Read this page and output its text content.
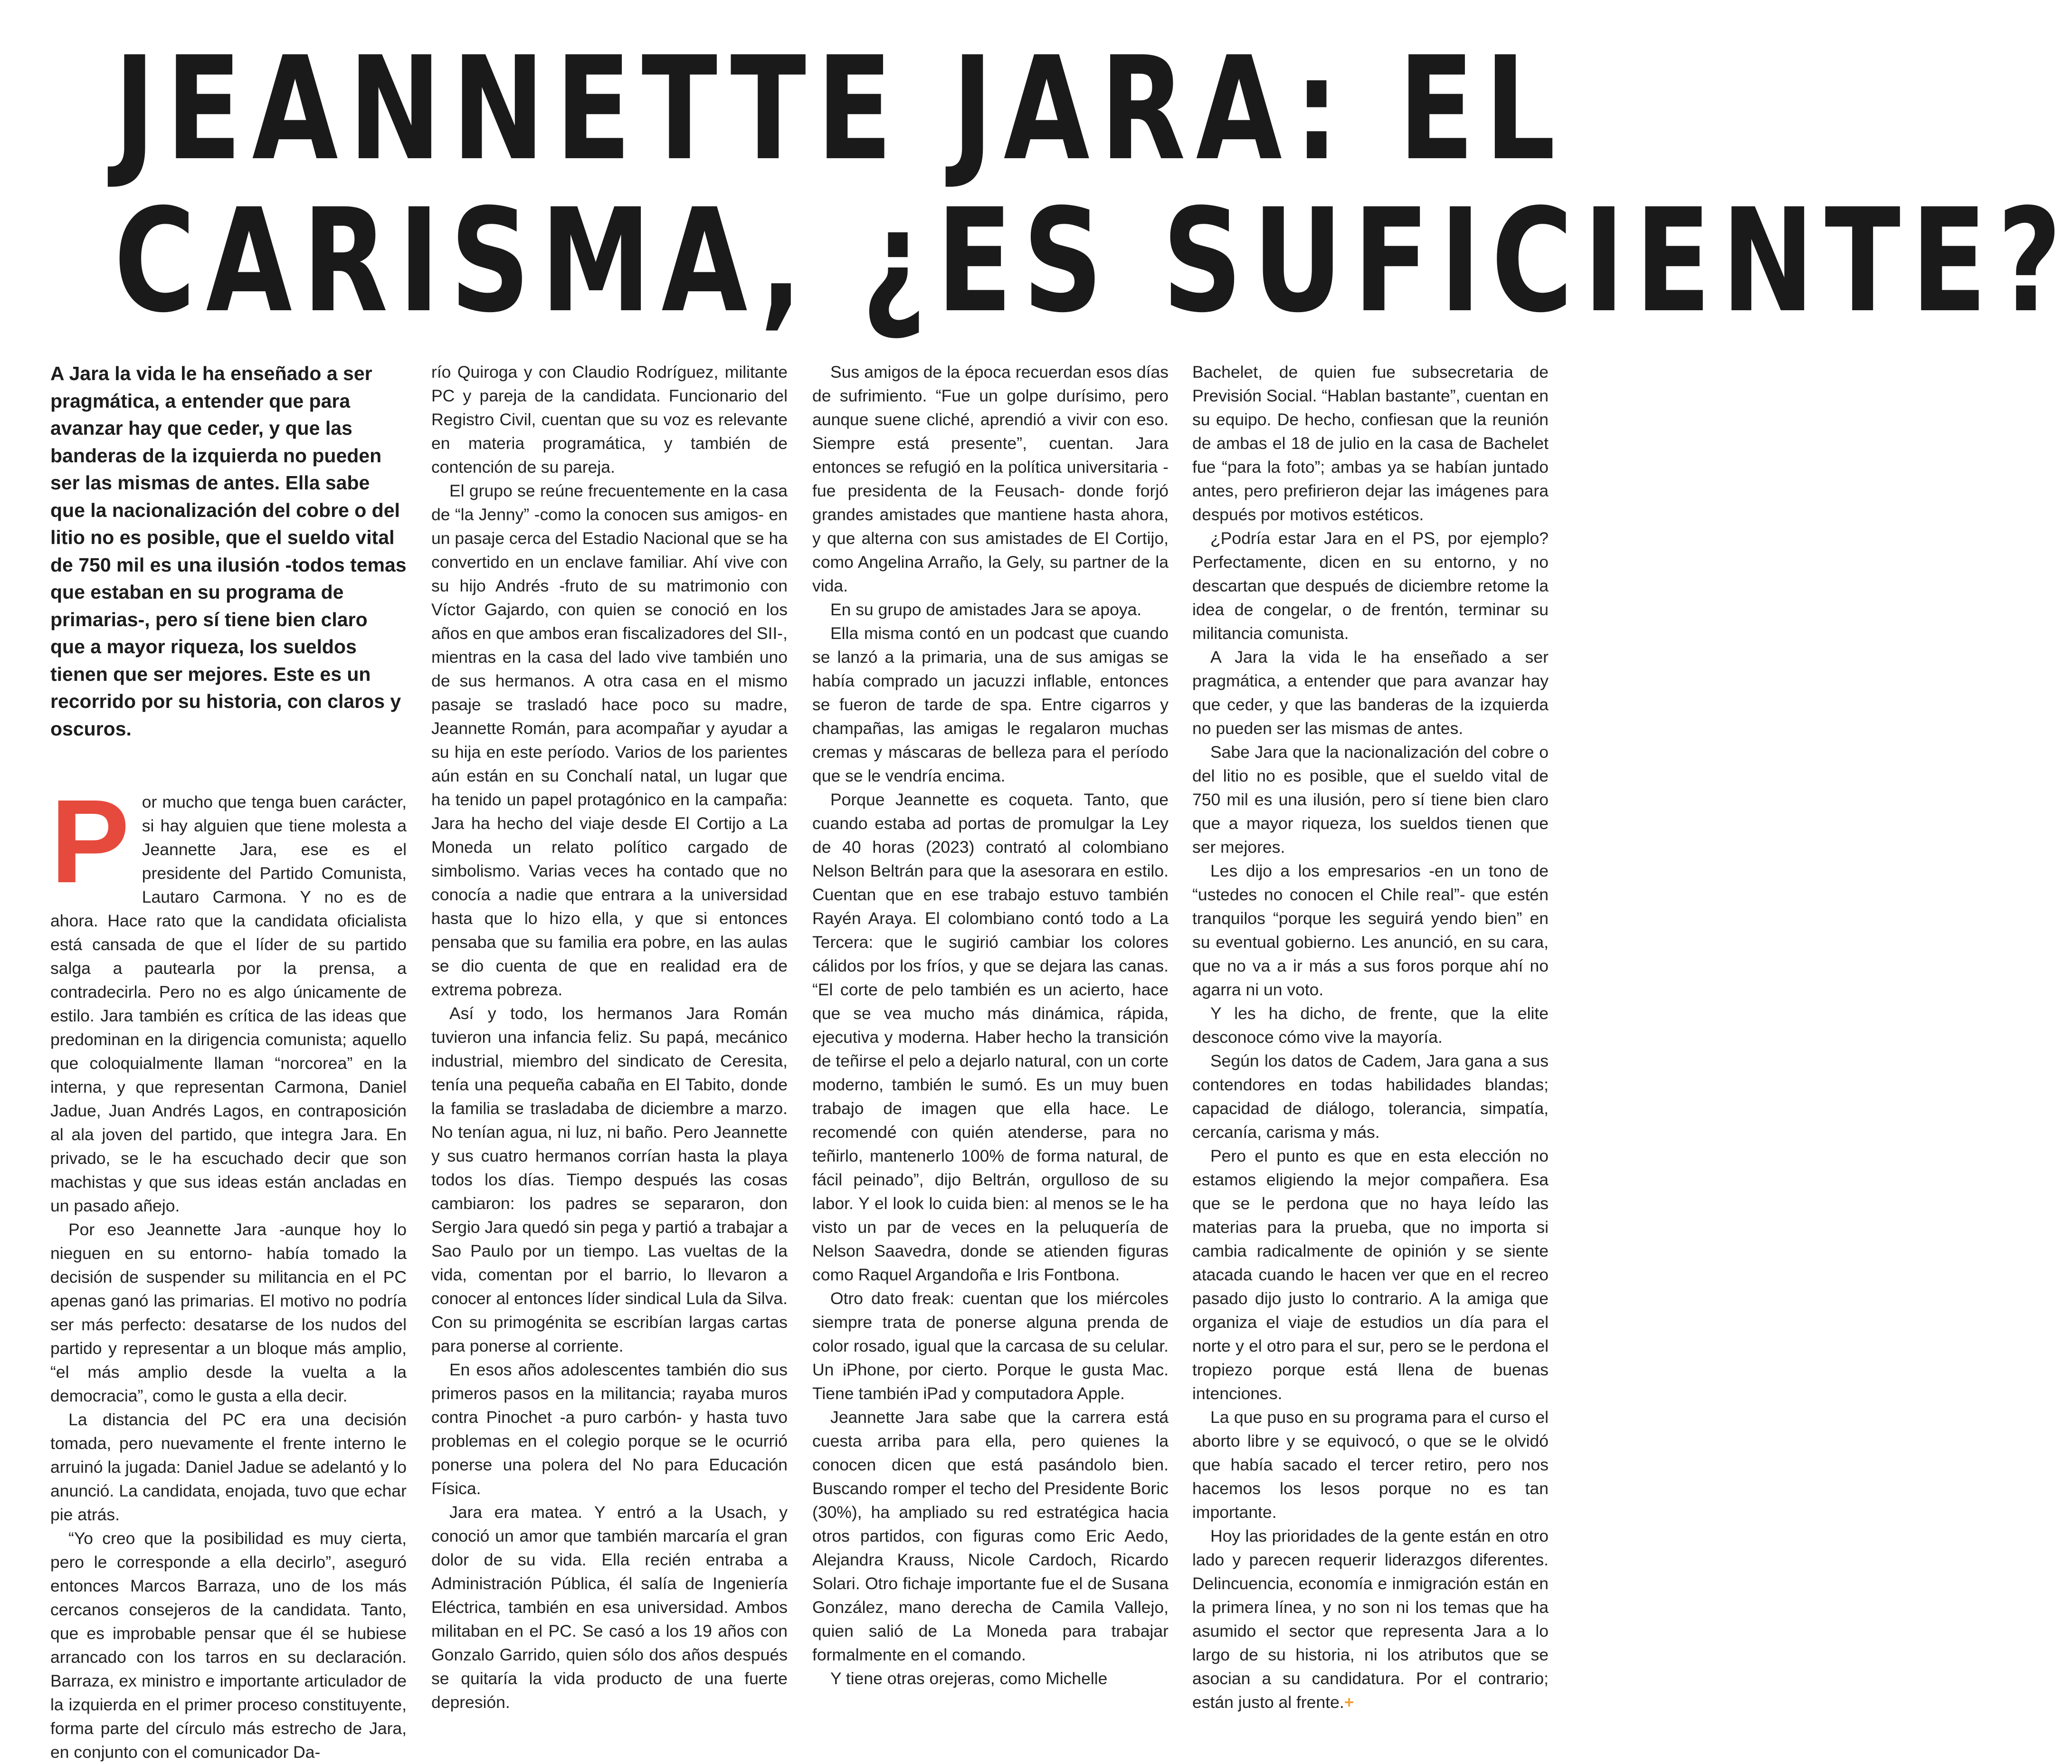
JEANNETTE JARA: EL
CARISMA, ¿ES SUFICIENTE?

A Jara la vida le ha enseñado a ser pragmática, a entender que para avanzar hay que ceder, y que las banderas de la izquierda no pueden ser las mismas de antes. Ella sabe que la nacionalización del cobre o del litio no es posible, que el sueldo vital de 750 mil es una ilusión -todos temas que estaban en su programa de primarias-, pero sí tiene bien claro que a mayor riqueza, los sueldos tienen que ser mejores. Este es un recorrido por su historia, con claros y oscuros.

Por mucho que tenga buen carácter, si hay alguien que tiene molesta a Jeannette Jara, ese es el presidente del Partido Comunista, Lautaro Carmona. Y no es de ahora. Hace rato que la candidata oficialista está cansada de que el líder de su partido salga a pautearla por la prensa, a contradecirla. Pero no es algo únicamente de estilo. Jara también es crítica de las ideas que predominan en la dirigencia comunista; aquello que coloquialmente llaman “norcorea” en la interna, y que representan Carmona, Daniel Jadue, Juan Andrés Lagos, en contraposición al ala joven del partido, que integra Jara. En privado, se le ha escuchado decir que son machistas y que sus ideas están ancladas en un pasado añejo.

Por eso Jeannette Jara -aunque hoy lo nieguen en su entorno- había tomado la decisión de suspender su militancia en el PC apenas ganó las primarias. El motivo no podría ser más perfecto: desatarse de los nudos del partido y representar a un bloque más amplio, “el más amplio desde la vuelta a la democracia”, como le gusta a ella decir.

La distancia del PC era una decisión tomada, pero nuevamente el frente interno le arruinó la jugada: Daniel Jadue se adelantó y lo anunció. La candidata, enojada, tuvo que echar pie atrás.

“Yo creo que la posibilidad es muy cierta, pero le corresponde a ella decirlo”, aseguró entonces Marcos Barraza, uno de los más cercanos consejeros de la candidata. Tanto, que es improbable pensar que él se hubiese arrancado con los tarros en su declaración. Barraza, ex ministro e importante articulador de la izquierda en el primer proceso constituyente, forma parte del círculo más estrecho de Jara, en conjunto con el comunicador Da-

río Quiroga y con Claudio Rodríguez, militante PC y pareja de la candidata. Funcionario del Registro Civil, cuentan que su voz es relevante en materia programática, y también de contención de su pareja.

El grupo se reúne frecuentemente en la casa de “la Jenny” -como la conocen sus amigos- en un pasaje cerca del Estadio Nacional que se ha convertido en un enclave familiar. Ahí vive con su hijo Andrés -fruto de su matrimonio con Víctor Gajardo, con quien se conoció en los años en que ambos eran fiscalizadores del SII-, mientras en la casa del lado vive también uno de sus hermanos. A otra casa en el mismo pasaje se trasladó hace poco su madre, Jeannette Román, para acompañar y ayudar a su hija en este período. Varios de los parientes aún están en su Conchalí natal, un lugar que ha tenido un papel protagónico en la campaña: Jara ha hecho del viaje desde El Cortijo a La Moneda un relato político cargado de simbolismo. Varias veces ha contado que no conocía a nadie que entrara a la universidad hasta que lo hizo ella, y que si entonces pensaba que su familia era pobre, en las aulas se dio cuenta de que en realidad era de extrema pobreza.

Así y todo, los hermanos Jara Román tuvieron una infancia feliz. Su papá, mecánico industrial, miembro del sindicato de Ceresita, tenía una pequeña cabaña en El Tabito, donde la familia se trasladaba de diciembre a marzo. No tenían agua, ni luz, ni baño. Pero Jeannette y sus cuatro hermanos corrían hasta la playa todos los días. Tiempo después las cosas cambiaron: los padres se separaron, don Sergio Jara quedó sin pega y partió a trabajar a Sao Paulo por un tiempo. Las vueltas de la vida, comentan por el barrio, lo llevaron a conocer al entonces líder sindical Lula da Silva. Con su primogénita se escribían largas cartas para ponerse al corriente.

En esos años adolescentes también dio sus primeros pasos en la militancia; rayaba muros contra Pinochet -a puro carbón- y hasta tuvo problemas en el colegio porque se le ocurrió ponerse una polera del No para Educación Física.

Jara era matea. Y entró a la Usach, y conoció un amor que también marcaría el gran dolor de su vida. Ella recién entraba a Administración Pública, él salía de Ingeniería Eléctrica, también en esa universidad. Ambos militaban en el PC. Se casó a los 19 años con Gonzalo Garrido, quien sólo dos años después se quitaría la vida producto de una fuerte depresión.

Sus amigos de la época recuerdan esos días de sufrimiento. “Fue un golpe durísimo, pero aunque suene cliché, aprendió a vivir con eso. Siempre está presente”, cuentan. Jara entonces se refugió en la política universitaria -fue presidenta de la Feusach- donde forjó grandes amistades que mantiene hasta ahora, y que alterna con sus amistades de El Cortijo, como Angelina Arraño, la Gely, su partner de la vida.

En su grupo de amistades Jara se apoya.

Ella misma contó en un podcast que cuando se lanzó a la primaria, una de sus amigas se había comprado un jacuzzi inflable, entonces se fueron de tarde de spa. Entre cigarros y champañas, las amigas le regalaron muchas cremas y máscaras de belleza para el período que se le vendría encima.

Porque Jeannette es coqueta. Tanto, que cuando estaba ad portas de promulgar la Ley de 40 horas (2023) contrató al colombiano Nelson Beltrán para que la asesorara en estilo. Cuentan que en ese trabajo estuvo también Rayén Araya. El colombiano contó todo a La Tercera: que le sugirió cambiar los colores cálidos por los fríos, y que se dejara las canas. “El corte de pelo también es un acierto, hace que se vea mucho más dinámica, rápida, ejecutiva y moderna. Haber hecho la transición de teñirse el pelo a dejarlo natural, con un corte moderno, también le sumó. Es un muy buen trabajo de imagen que ella hace. Le recomendé con quién atenderse, para no teñirlo, mantenerlo 100% de forma natural, de fácil peinado”, dijo Beltrán, orgulloso de su labor. Y el look lo cuida bien: al menos se le ha visto un par de veces en la peluquería de Nelson Saavedra, donde se atienden figuras como Raquel Argandoña e Iris Fontbona.

Otro dato freak: cuentan que los miércoles siempre trata de ponerse alguna prenda de color rosado, igual que la carcasa de su celular. Un iPhone, por cierto. Porque le gusta Mac. Tiene también iPad y computadora Apple.

Jeannette Jara sabe que la carrera está cuesta arriba para ella, pero quienes la conocen dicen que está pasándolo bien. Buscando romper el techo del Presidente Boric (30%), ha ampliado su red estratégica hacia otros partidos, con figuras como Eric Aedo, Alejandra Krauss, Nicole Cardoch, Ricardo Solari. Otro fichaje importante fue el de Susana González, mano derecha de Camila Vallejo, quien salió de La Moneda para trabajar formalmente en el comando.

Y tiene otras orejeras, como Michelle

Bachelet, de quien fue subsecretaria de Previsión Social. “Hablan bastante”, cuentan en su equipo. De hecho, confiesan que la reunión de ambas el 18 de julio en la casa de Bachelet fue “para la foto”; ambas ya se habían juntado antes, pero prefirieron dejar las imágenes para después por motivos estéticos.

¿Podría estar Jara en el PS, por ejemplo? Perfectamente, dicen en su entorno, y no descartan que después de diciembre retome la idea de congelar, o de frentón, terminar su militancia comunista.

A Jara la vida le ha enseñado a ser pragmática, a entender que para avanzar hay que ceder, y que las banderas de la izquierda no pueden ser las mismas de antes.

Sabe Jara que la nacionalización del cobre o del litio no es posible, que el sueldo vital de 750 mil es una ilusión, pero sí tiene bien claro que a mayor riqueza, los sueldos tienen que ser mejores.

Les dijo a los empresarios -en un tono de “ustedes no conocen el Chile real”- que estén tranquilos “porque les seguirá yendo bien” en su eventual gobierno. Les anunció, en su cara, que no va a ir más a sus foros porque ahí no agarra ni un voto.

Y les ha dicho, de frente, que la elite desconoce cómo vive la mayoría.

Según los datos de Cadem, Jara gana a sus contendores en todas habilidades blandas; capacidad de diálogo, tolerancia, simpatía, cercanía, carisma y más.

Pero el punto es que en esta elección no estamos eligiendo la mejor compañera. Esa que se le perdona que no haya leído las materias para la prueba, que no importa si cambia radicalmente de opinión y se siente atacada cuando le hacen ver que en el recreo pasado dijo justo lo contrario. A la amiga que organiza el viaje de estudios un día para el norte y el otro para el sur, pero se le perdona el tropiezo porque está llena de buenas intenciones.

La que puso en su programa para el curso el aborto libre y se equivocó, o que se le olvidó que había sacado el tercer retiro, pero nos hacemos los lesos porque no es tan importante.

Hoy las prioridades de la gente están en otro lado y parecen requerir liderazgos diferentes. Delincuencia, economía e inmigración están en la primera línea, y no son ni los temas que ha asumido el sector que representa Jara a lo largo de su historia, ni los atributos que se asocian a su candidatura. Por el contrario; están justo al frente.+
